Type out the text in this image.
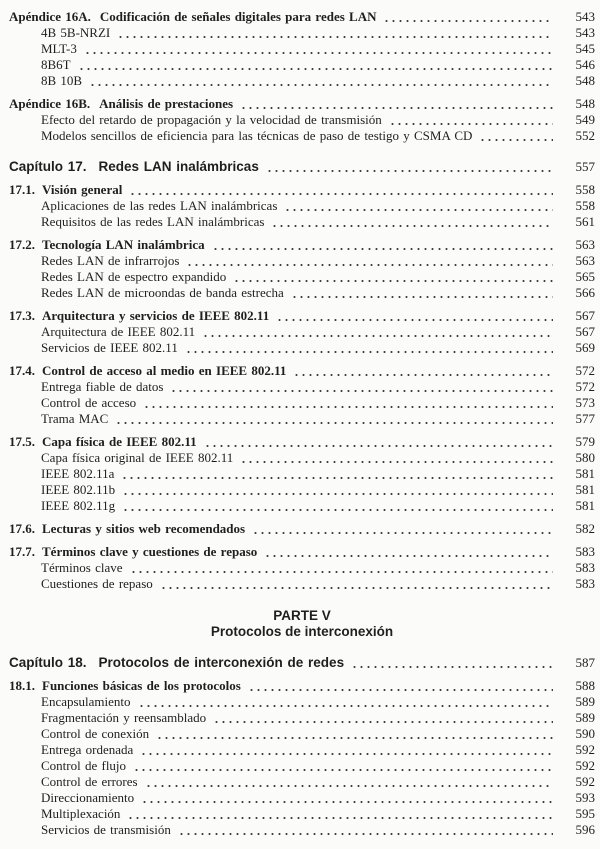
Apéndice 16A. Codificación de señales digitales para redes LAN	543
4B 5B-NRZI	543
MLT-3	545
8B6T	546
8B 10B	548
Apéndice 16B. Análisis de prestaciones	548
Efecto del retardo de propagación y la velocidad de transmisión	549
Modelos sencillos de eficiencia para las técnicas de paso de testigo y CSMA CD	552
Capítulo 17. Redes LAN inalámbricas	557
17.1. Visión general	558
Aplicaciones de las redes LAN inalámbricas	558
Requisitos de las redes LAN inalámbricas	561
17.2. Tecnología LAN inalámbrica	563
Redes LAN de infrarrojos	563
Redes LAN de espectro expandido	565
Redes LAN de microondas de banda estrecha	566
17.3. Arquitectura y servicios de IEEE 802.11	567
Arquitectura de IEEE 802.11	567
Servicios de IEEE 802.11	569
17.4. Control de acceso al medio en IEEE 802.11	572
Entrega fiable de datos	572
Control de acceso	573
Trama MAC	577
17.5. Capa física de IEEE 802.11	579
Capa física original de IEEE 802.11	580
IEEE 802.11a	581
IEEE 802.11b	581
IEEE 802.11g	581
17.6. Lecturas y sitios web recomendados	582
17.7. Términos clave y cuestiones de repaso	583
Términos clave	583
Cuestiones de repaso	583
PARTE V
Protocolos de interconexión
Capítulo 18. Protocolos de interconexión de redes	587
18.1. Funciones básicas de los protocolos	588
Encapsulamiento	589
Fragmentación y reensamblado	589
Control de conexión	590
Entrega ordenada	592
Control de flujo	592
Control de errores	592
Direccionamiento	593
Multiplexación	595
Servicios de transmisión	596
